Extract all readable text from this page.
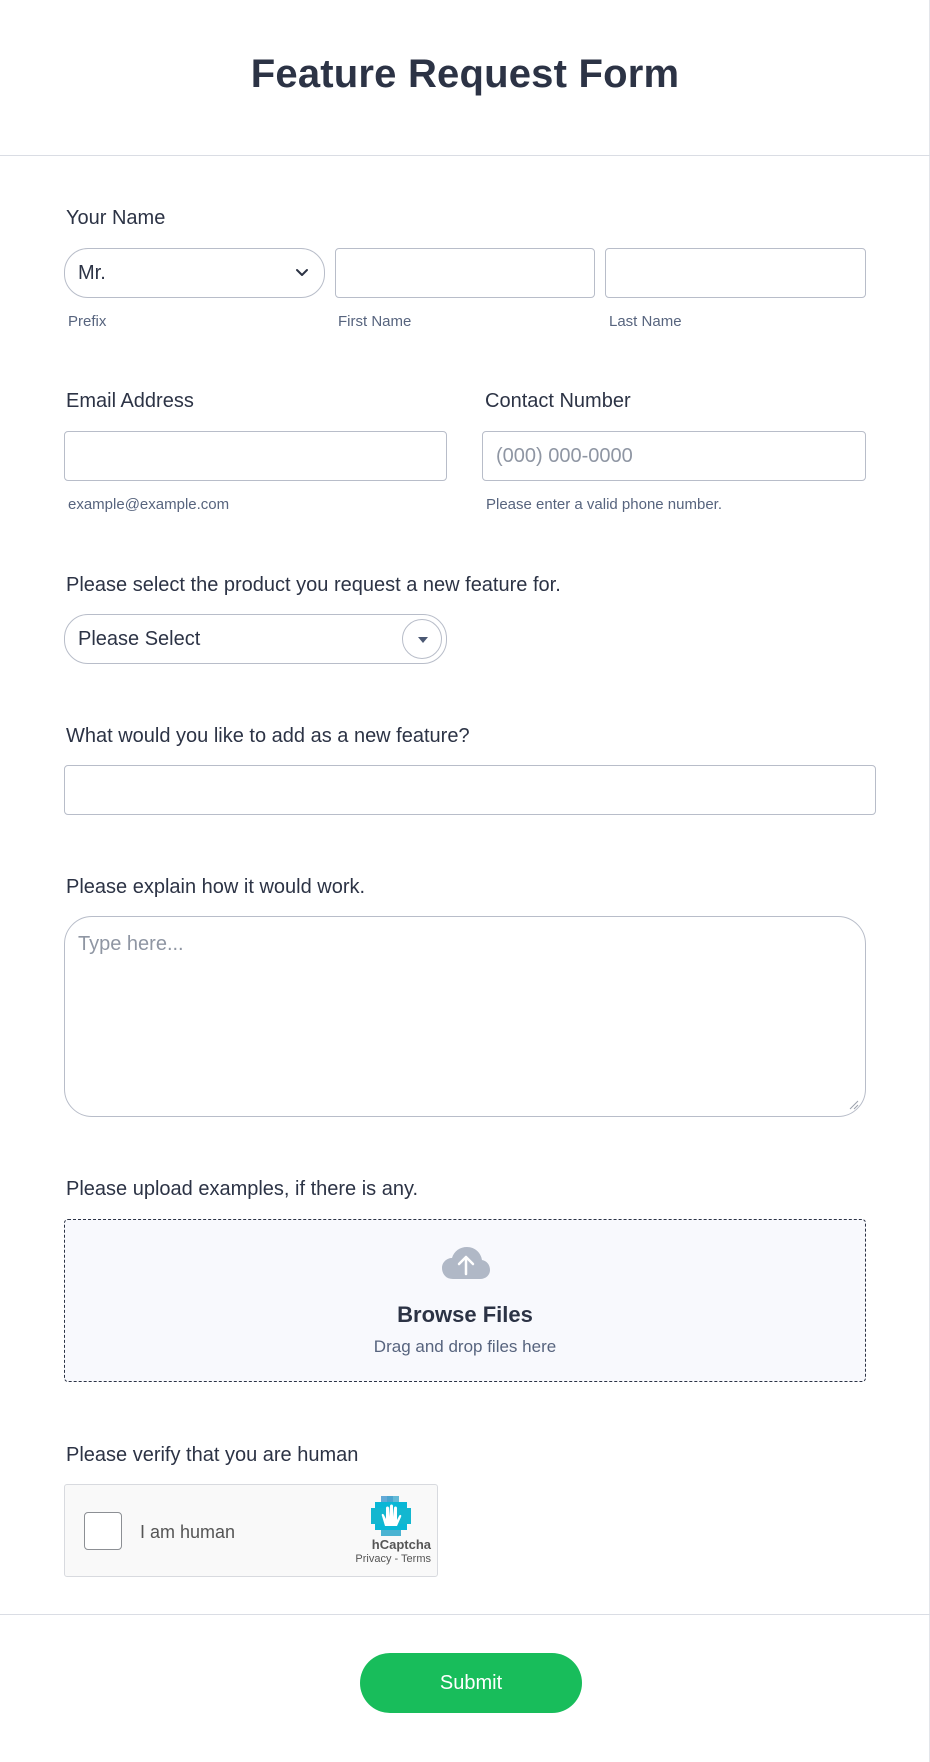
Feature Request Form
Your Name
Mr.
Prefix	First Name	Last Name
Email Address
example@example.com
Contact Number
(000) 000-0000
Please enter a valid phone number.
Please select the product you request a new feature for.
Please Select
What would you like to add as a new feature?
Please explain how it would work.
Type here...
Please upload examples, if there is any.
Browse Files
Drag and drop files here
Please verify that you are human
I am human
hCaptcha
Privacy - Terms
Submit
